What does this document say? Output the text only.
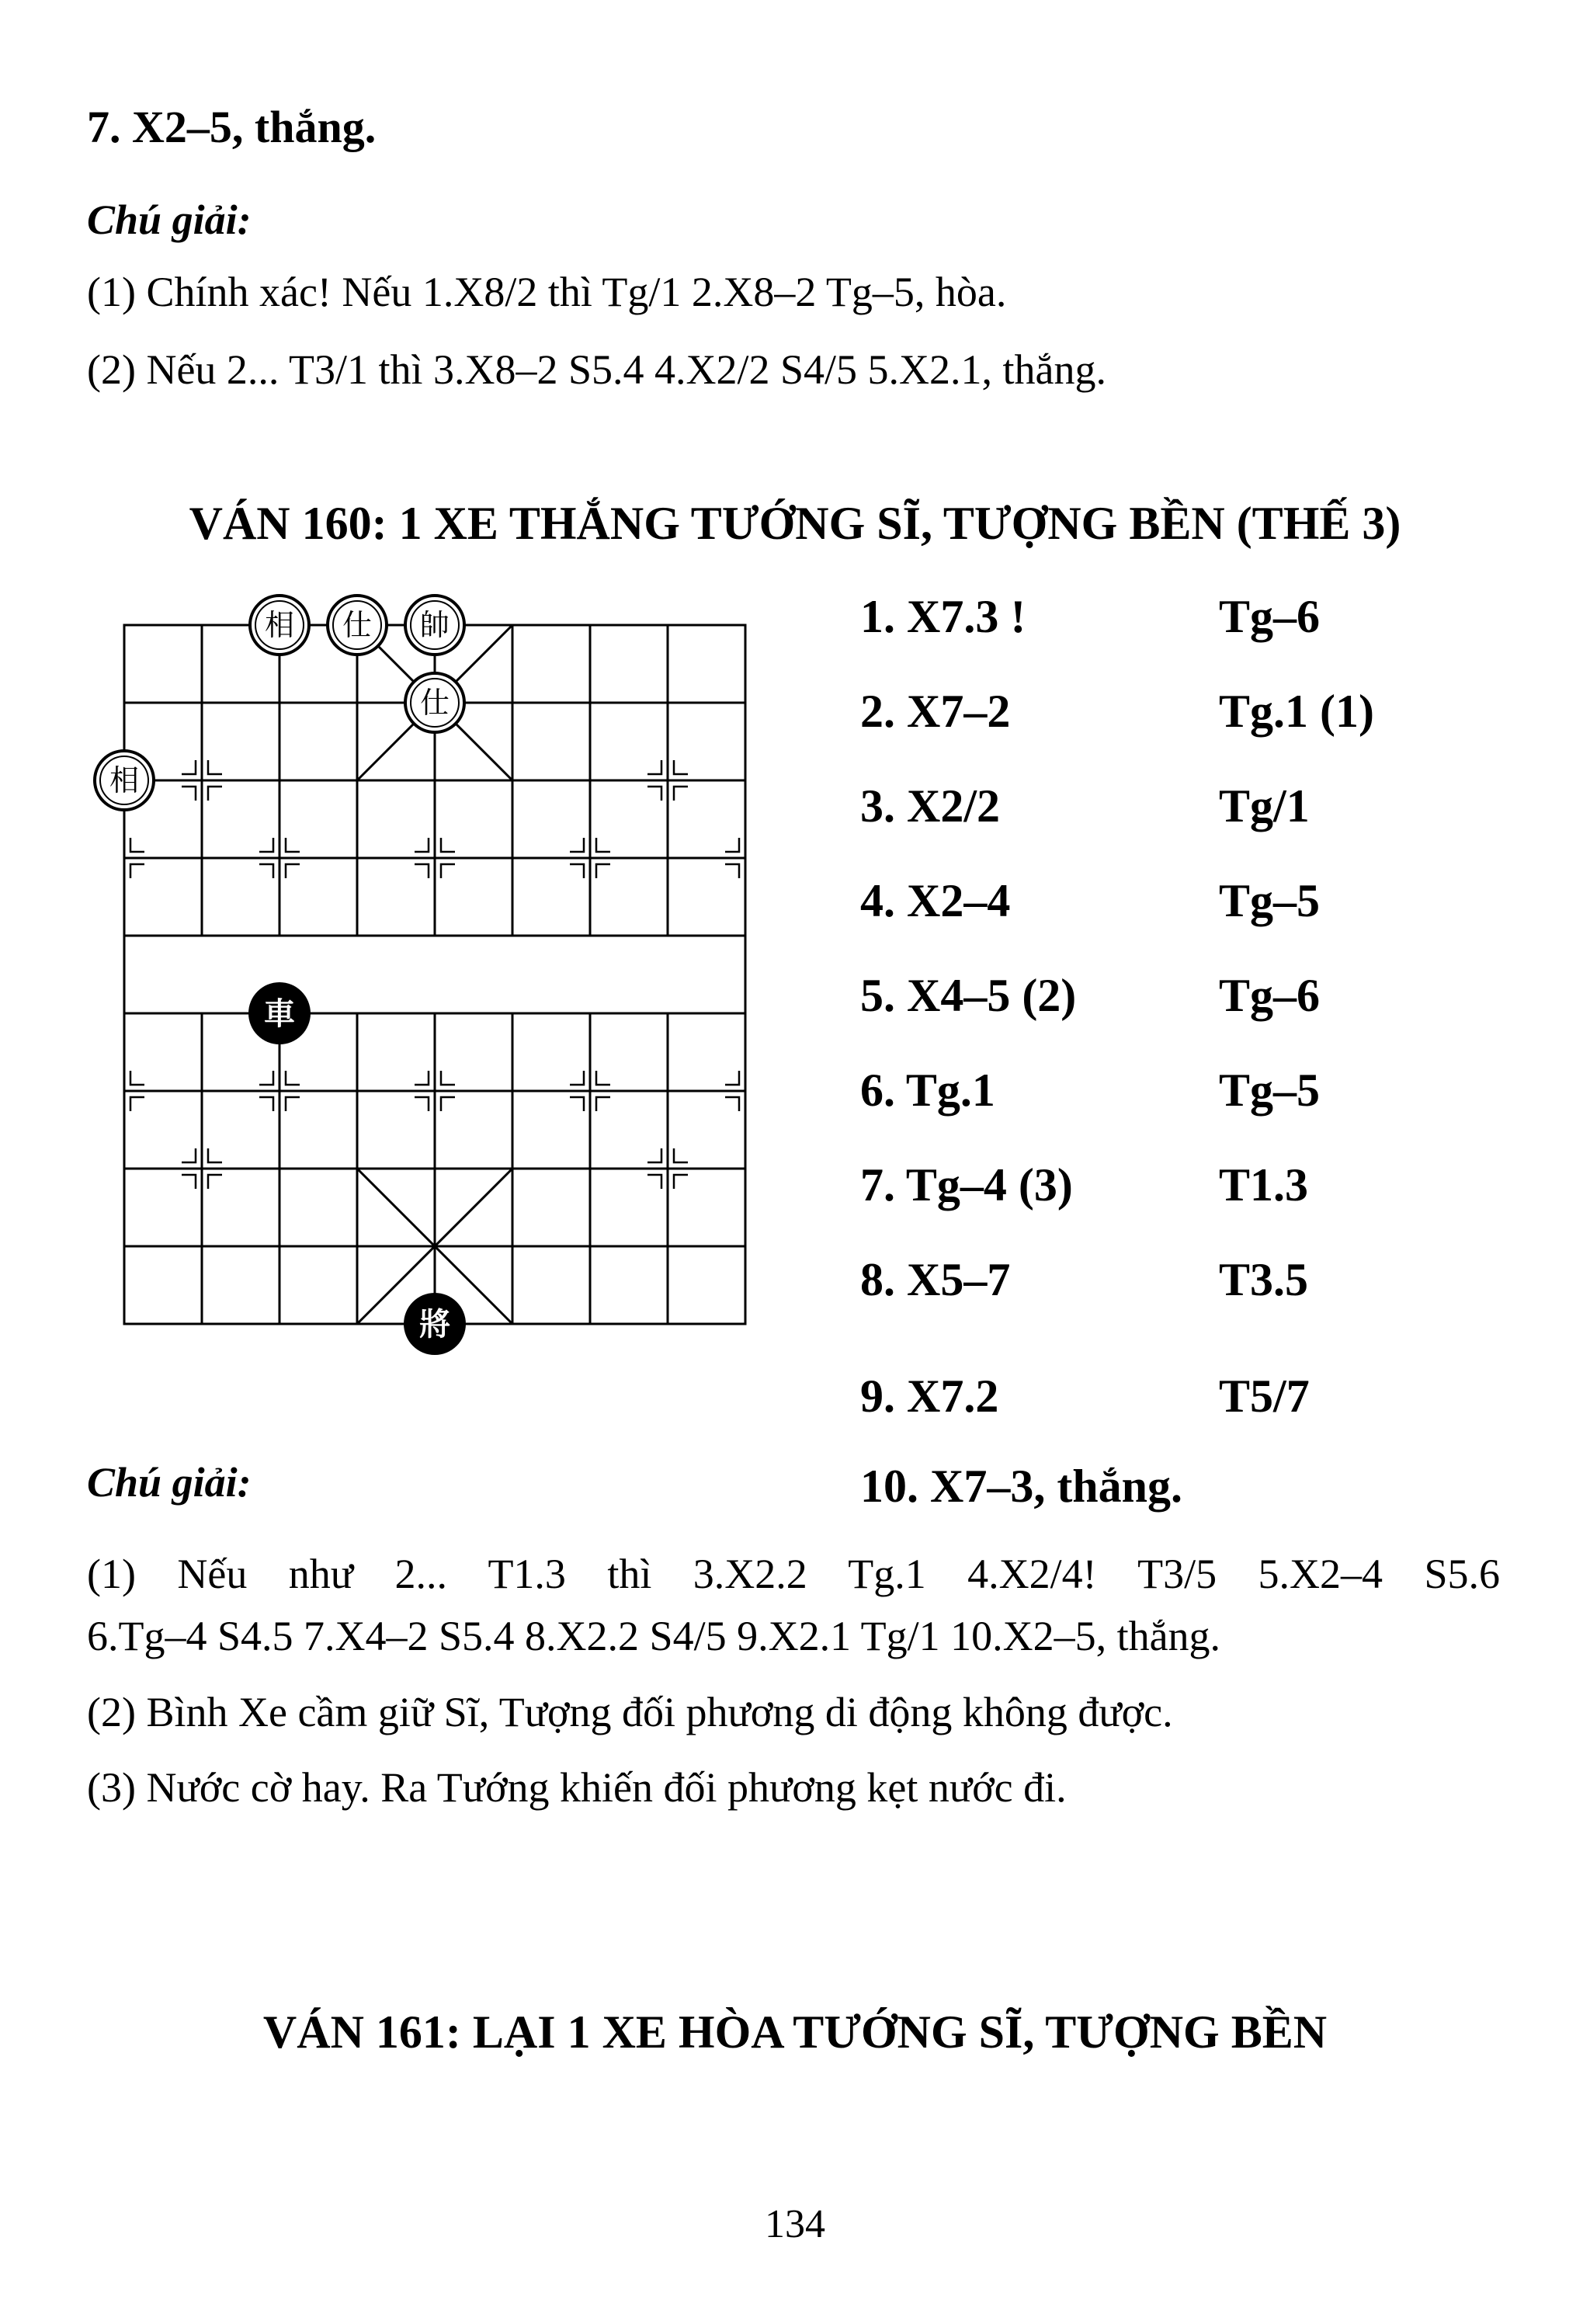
7. X2–5, thắng.
Chú giải:
(1) Chính xác! Nếu 1.X8/2 thì Tg/1 2.X8–2 Tg–5, hòa.
(2) Nếu 2... T3/1 thì 3.X8–2 S5.4 4.X2/2 S4/5 5.X2.1, thắng.
VÁN 160: 1 XE THẮNG TƯỚNG SĨ, TƯỢNG BỀN (THẾ 3)
相 仕 帥
仕
相
車
將
1. X7.3 !	Tg–6
2. X7–2	Tg.1 (1)
3. X2/2	Tg/1
4. X2–4	Tg–5
5. X4–5 (2)	Tg–6
6. Tg.1	Tg–5
7. Tg–4 (3)	T1.3
8. X5–7	T3.5
9. X7.2	T5/7
10. X7–3, thắng.
Chú giải:
(1) Nếu như 2... T1.3 thì 3.X2.2 Tg.1 4.X2/4! T3/5 5.X2–4 S5.6
6.Tg–4 S4.5 7.X4–2 S5.4 8.X2.2 S4/5 9.X2.1 Tg/1 10.X2–5, thắng.
(2) Bình Xe cầm giữ Sĩ, Tượng đối phương di động không được.
(3) Nước cờ hay. Ra Tướng khiến đối phương kẹt nước đi.
VÁN 161: LẠI 1 XE HÒA TƯỚNG SĨ, TƯỢNG BỀN
134
